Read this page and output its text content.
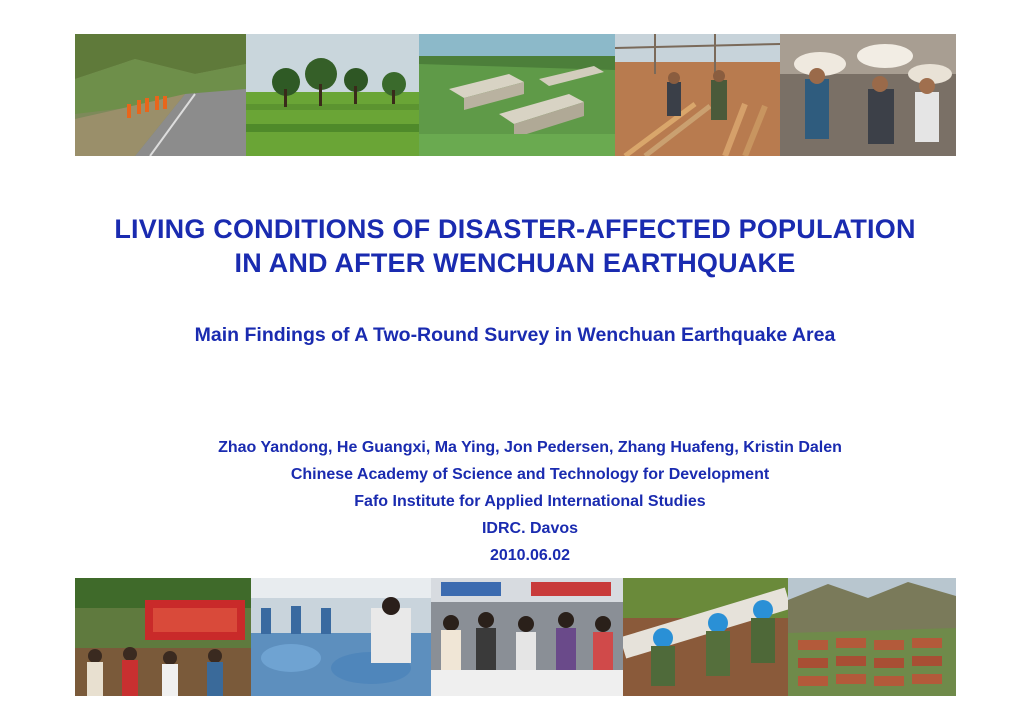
LIVING CONDITIONS OF DISASTER-AFFECTED POPULATION
IN AND AFTER WENCHUAN EARTHQUAKE
Main Findings of A Two-Round Survey in Wenchuan Earthquake Area
Zhao Yandong, He Guangxi, Ma Ying, Jon Pedersen, Zhang Huafeng, Kristin Dalen
Chinese Academy of Science and Technology for Development
Fafo Institute for Applied International Studies
IDRC. Davos
2010.06.02
